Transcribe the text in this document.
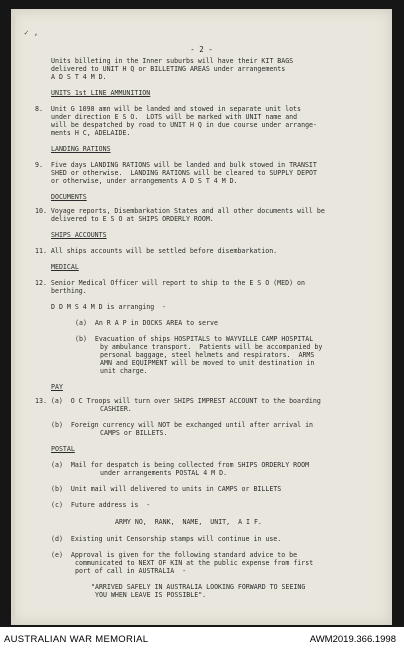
✓ ,
- 2 -
Units billeting in the Inner suburbs will have their KIT BAGS
delivered to UNIT H Q or BILLETING AREAS under arrangements
A D S T 4 M D.
UNITS 1st LINE AMMUNITION
8.  Unit G 1098 amn will be landed and stowed in separate unit lots
under direction E S O.  LOTS will be marked with UNIT name and
will be despatched by road to UNIT H Q in due course under arrange-
ments H C, ADELAIDE.
LANDING RATIONS
9.  Five days LANDING RATIONS will be landed and bulk stowed in TRANSIT
SHED or otherwise.  LANDING RATIONS will be cleared to SUPPLY DEPOT
or otherwise, under arrangements A D S T 4 M D.
DOCUMENTS
10. Voyage reports, Disembarkation States and all other documents will be
delivered to E S O at SHIPS ORDERLY ROOM.
SHIPS ACCOUNTS
11. All ships accounts will be settled before disembarkation.
MEDICAL
12. Senior Medical Officer will report to ship to the E S O (MED) on
berthing.
D D M S 4 M D is arranging  -
(a)  An R A P in DOCKS AREA to serve
(b)  Evacuation of ships HOSPITALS to WAYVILLE CAMP HOSPITAL
by ambulance transport.  Patients will be accompanied by
personal baggage, steel helmets and respirators.  ARMS
AMN and EQUIPMENT will be moved to unit destination in
unit charge.
PAY
13. (a)  O C Troops will turn over SHIPS IMPREST ACCOUNT to the boarding
CASHIER.
(b)  Foreign currency will NOT be exchanged until after arrival in
CAMPS or BILLETS.
POSTAL
(a)  Mail for despatch is being collected from SHIPS ORDERLY ROOM
under arrangements POSTAL 4 M D.
(b)  Unit mail will delivered to units in CAMPS or BILLETS
(c)  Future address is  -
ARMY NO,  RANK,  NAME,  UNIT,  A I F.
(d)  Existing unit Censorship stamps will continue in use.
(e)  Approval is given for the following standard advice to be
communicated to NEXT OF KIN at the public expense from first
port of call in AUSTRALIA  -
"ARRIVED SAFELY IN AUSTRALIA LOOKING FORWARD TO SEEING
YOU WHEN LEAVE IS POSSIBLE".
AUSTRALIAN WAR MEMORIAL	AWM2019.366.1998
